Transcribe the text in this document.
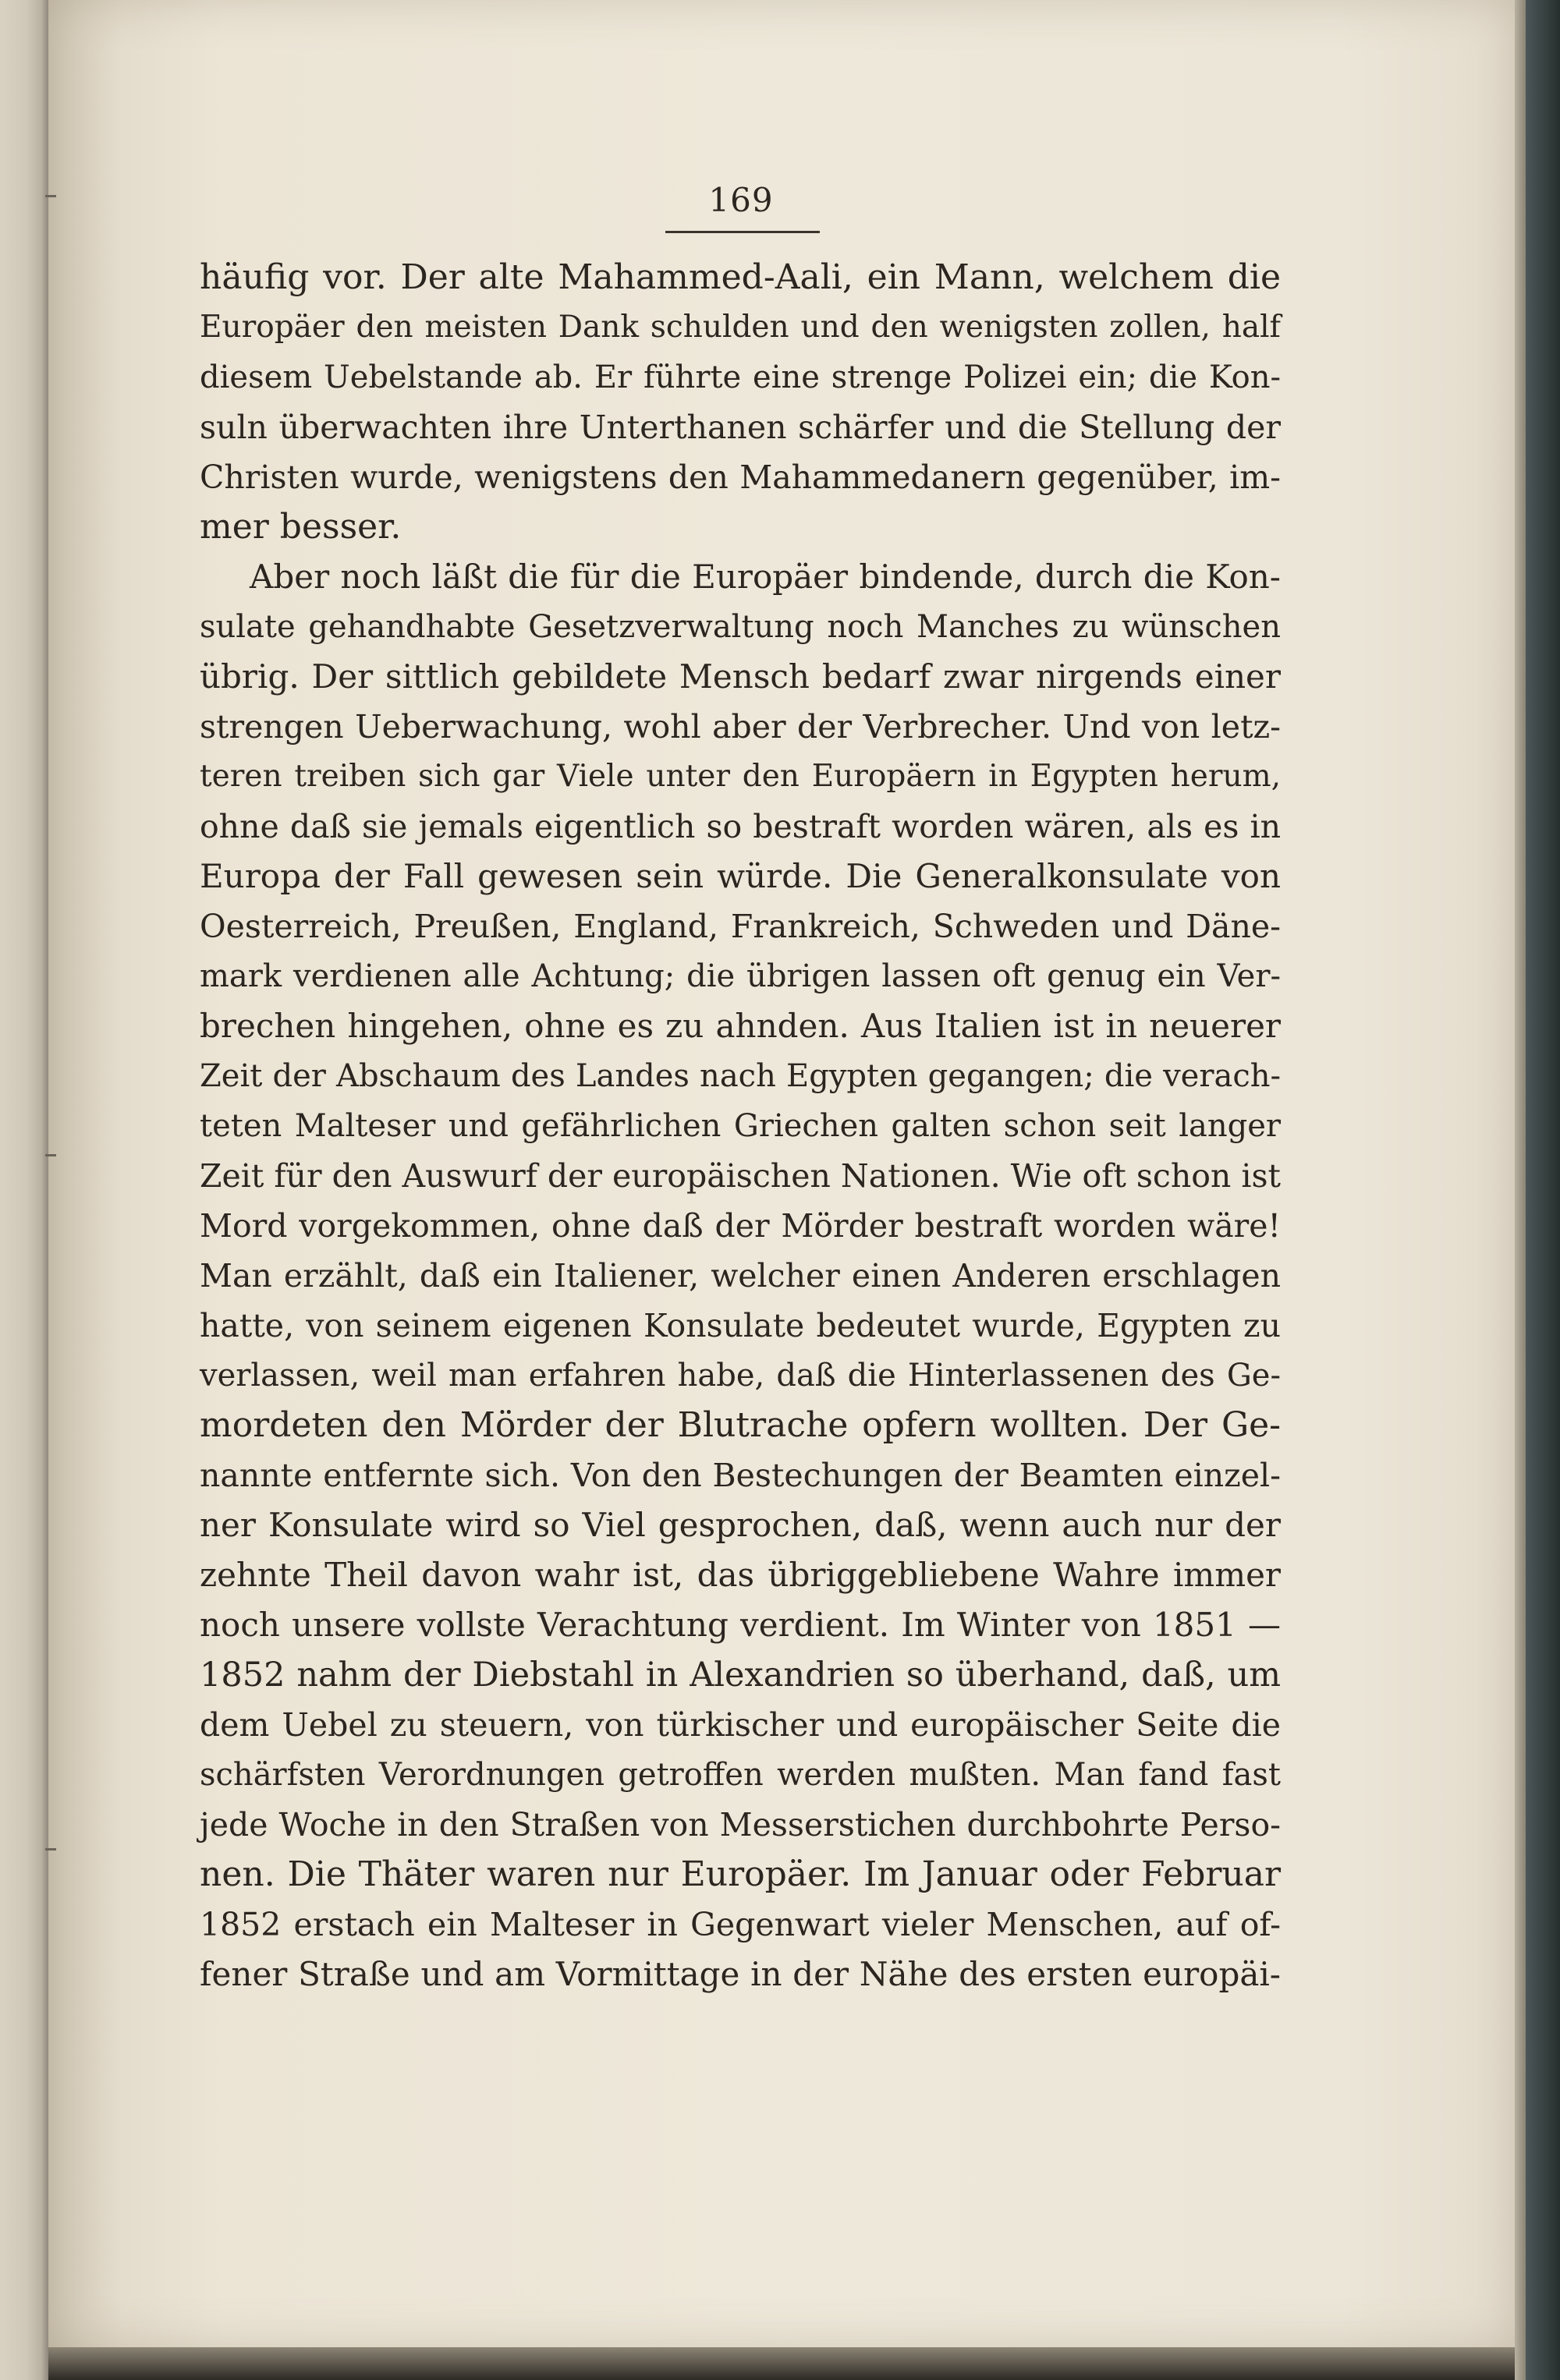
169
häufig vor. Der alte Mahammed-Aali, ein Mann, welchem die
Europäer den meisten Dank schulden und den wenigsten zollen, half
diesem Uebelstande ab. Er führte eine strenge Polizei ein; die Kon-
suln überwachten ihre Unterthanen schärfer und die Stellung der
Christen wurde, wenigstens den Mahammedanern gegenüber, im-
mer besser.
Aber noch läßt die für die Europäer bindende, durch die Kon-
sulate gehandhabte Gesetzverwaltung noch Manches zu wünschen
übrig. Der sittlich gebildete Mensch bedarf zwar nirgends einer
strengen Ueberwachung, wohl aber der Verbrecher. Und von letz-
teren treiben sich gar Viele unter den Europäern in Egypten herum,
ohne daß sie jemals eigentlich so bestraft worden wären, als es in
Europa der Fall gewesen sein würde. Die Generalkonsulate von
Oesterreich, Preußen, England, Frankreich, Schweden und Däne-
mark verdienen alle Achtung; die übrigen lassen oft genug ein Ver-
brechen hingehen, ohne es zu ahnden. Aus Italien ist in neuerer
Zeit der Abschaum des Landes nach Egypten gegangen; die verach-
teten Malteser und gefährlichen Griechen galten schon seit langer
Zeit für den Auswurf der europäischen Nationen. Wie oft schon ist
Mord vorgekommen, ohne daß der Mörder bestraft worden wäre!
Man erzählt, daß ein Italiener, welcher einen Anderen erschlagen
hatte, von seinem eigenen Konsulate bedeutet wurde, Egypten zu
verlassen, weil man erfahren habe, daß die Hinterlassenen des Ge-
mordeten den Mörder der Blutrache opfern wollten. Der Ge-
nannte entfernte sich. Von den Bestechungen der Beamten einzel-
ner Konsulate wird so Viel gesprochen, daß, wenn auch nur der
zehnte Theil davon wahr ist, das übriggebliebene Wahre immer
noch unsere vollste Verachtung verdient. Im Winter von 1851 —
1852 nahm der Diebstahl in Alexandrien so überhand, daß, um
dem Uebel zu steuern, von türkischer und europäischer Seite die
schärfsten Verordnungen getroffen werden mußten. Man fand fast
jede Woche in den Straßen von Messerstichen durchbohrte Perso-
nen. Die Thäter waren nur Europäer. Im Januar oder Februar
1852 erstach ein Malteser in Gegenwart vieler Menschen, auf of-
fener Straße und am Vormittage in der Nähe des ersten europäi-
